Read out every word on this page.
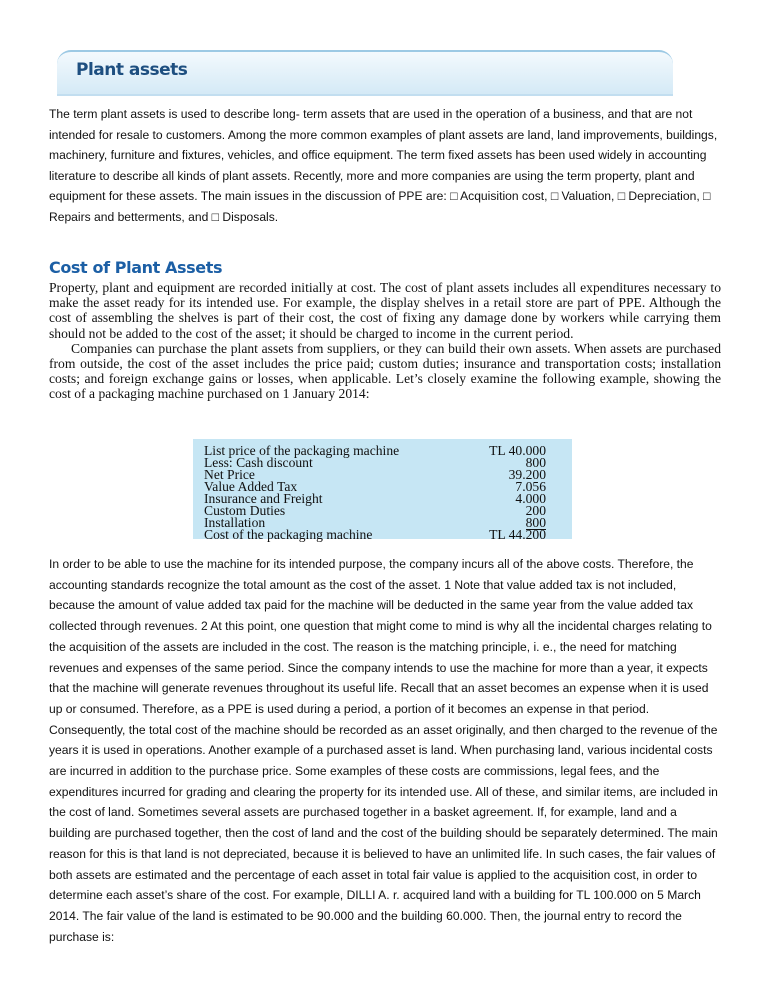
Plant assets
The term plant assets is used to describe long- term assets that are used in the operation of a business, and that are not intended for resale to customers. Among the more common examples of plant assets are land, land improvements, buildings, machinery, furniture and fixtures, vehicles, and office equipment. The term fixed assets has been used widely in accounting literature to describe all kinds of plant assets. Recently, more and more companies are using the term property, plant and equipment for these assets. The main issues in the discussion of PPE are: □ Acquisition cost, □ Valuation, □ Depreciation, □ Repairs and betterments, and □ Disposals.
Cost of Plant Assets

Property, plant and equipment are recorded initially at cost. The cost of plant assets includes all expenditures necessary to make the asset ready for its intended use. For example, the display shelves in a retail store are part of PPE. Although the cost of assembling the shelves is part of their cost, the cost of fixing any damage done by workers while carrying them should not be added to the cost of the asset; it should be charged to income in the current period.

Companies can purchase the plant assets from suppliers, or they can build their own assets. When assets are purchased from outside, the cost of the asset includes the price paid; custom duties; insurance and transportation costs; installation costs; and foreign exchange gains or losses, when applicable. Let’s closely examine the following example, showing the cost of a packaging machine purchased on 1 January 2014:

List price of the packaging machine	TL 40.000
Less: Cash discount	800
Net Price	39.200
Value Added Tax	7.056
Insurance and Freight	4.000
Custom Duties	200
Installation	800
Cost of the packaging machine	TL 44.200
In order to be able to use the machine for its intended purpose, the company incurs all of the above costs. Therefore, the accounting standards recognize the total amount as the cost of the asset. 1 Note that value added tax is not included, because the amount of value added tax paid for the machine will be deducted in the same year from the value added tax collected through revenues. 2 At this point, one question that might come to mind is why all the incidental charges relating to the acquisition of the assets are included in the cost. The reason is the matching principle, i. e., the need for matching revenues and expenses of the same period. Since the company intends to use the machine for more than a year, it expects that the machine will generate revenues throughout its useful life. Recall that an asset becomes an expense when it is used up or consumed. Therefore, as a PPE is used during a period, a portion of it becomes an expense in that period. Consequently, the total cost of the machine should be recorded as an asset originally, and then charged to the revenue of the years it is used in operations. Another example of a purchased asset is land. When purchasing land, various incidental costs are incurred in addition to the purchase price. Some examples of these costs are commissions, legal fees, and the expenditures incurred for grading and clearing the property for its intended use. All of these, and similar items, are included in the cost of land. Sometimes several assets are purchased together in a basket agreement. If, for example, land and a building are purchased together, then the cost of land and the cost of the building should be separately determined. The main reason for this is that land is not depreciated, because it is believed to have an unlimited life. In such cases, the fair values of both assets are estimated and the percentage of each asset in total fair value is applied to the acquisition cost, in order to determine each asset’s share of the cost. For example, DILLI A. r. acquired land with a building for TL 100.000 on 5 March 2014. The fair value of the land is estimated to be 90.000 and the building 60.000. Then, the journal entry to record the purchase is:
